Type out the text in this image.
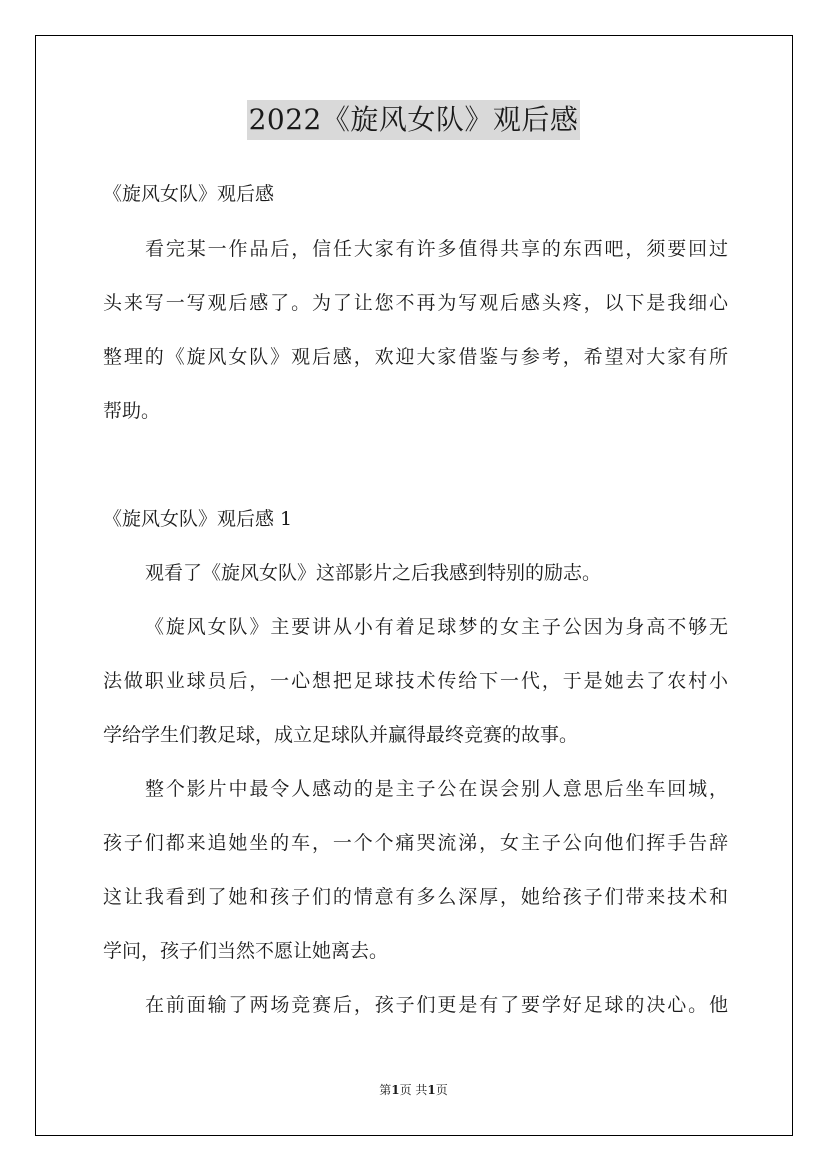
2022《旋风女队》观后感
《旋风女队》观后感
看完某一作品后，信任大家有许多值得共享的东西吧，须要回过
头来写一写观后感了。为了让您不再为写观后感头疼，以下是我细心
整理的《旋风女队》观后感，欢迎大家借鉴与参考，希望对大家有所
帮助。
《旋风女队》观后感 1
观看了《旋风女队》这部影片之后我感到特别的励志。
《旋风女队》主要讲从小有着足球梦的女主子公因为身高不够无
法做职业球员后，一心想把足球技术传给下一代，于是她去了农村小
学给学生们教足球，成立足球队并赢得最终竞赛的故事。
整个影片中最令人感动的是主子公在误会别人意思后坐车回城，
孩子们都来追她坐的车，一个个痛哭流涕，女主子公向他们挥手告辞
这让我看到了她和孩子们的情意有多么深厚，她给孩子们带来技术和
学问，孩子们当然不愿让她离去。
在前面输了两场竞赛后，孩子们更是有了要学好足球的决心。他
第1页 共1页
